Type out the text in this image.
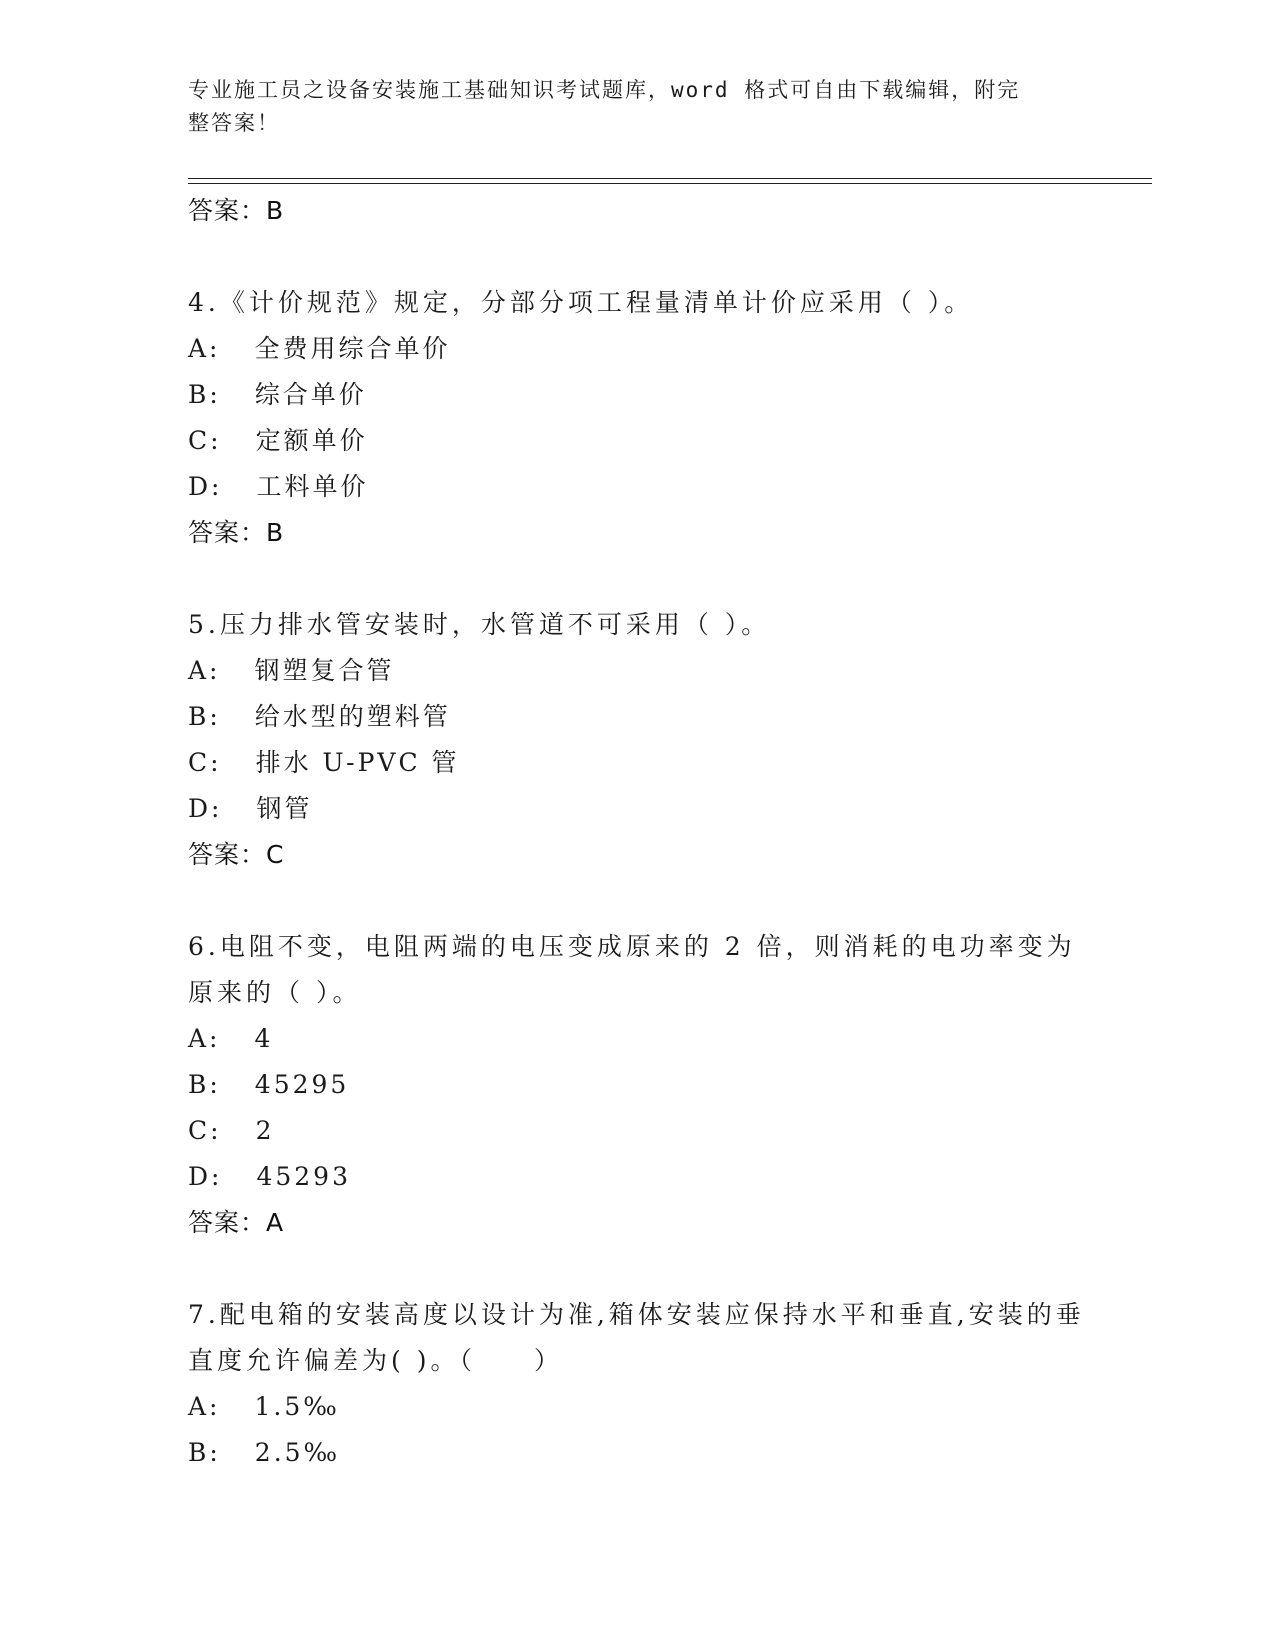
专业施工员之设备安装施工基础知识考试题库，word 格式可自由下载编辑，附完
整答案！
答案：B
4.《计价规范》规定，分部分项工程量清单计价应采用（ ）。
A: 全费用综合单价
B: 综合单价
C: 定额单价
D: 工料单价
答案：B
5.压力排水管安装时，水管道不可采用（ ）。
A: 钢塑复合管
B: 给水型的塑料管
C: 排水 U-PVC 管
D: 钢管
答案：C
6.电阻不变，电阻两端的电压变成原来的 2 倍，则消耗的电功率变为原来的（ ）。
A: 4
B: 45295
C: 2
D: 45293
答案：A
7.配电箱的安装高度以设计为准,箱体安装应保持水平和垂直,安装的垂直度允许偏差为( )。（　　）
A: 1.5‰
B: 2.5‰
